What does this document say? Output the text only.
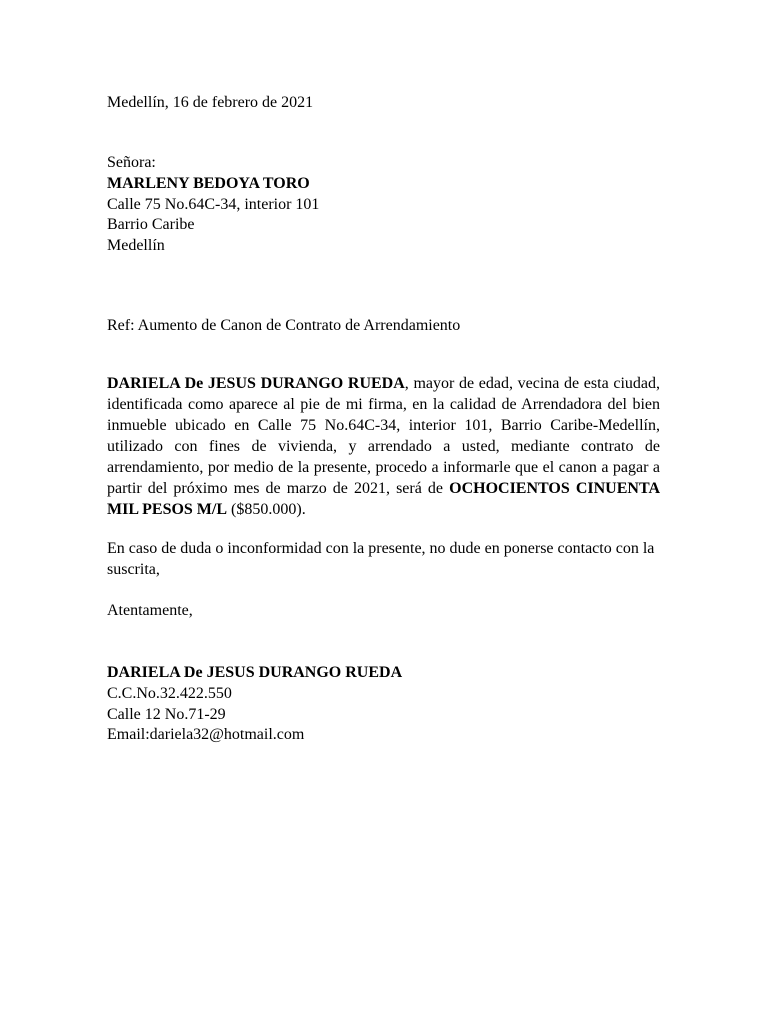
Medellín, 16 de febrero de 2021
Señora:
MARLENY BEDOYA TORO
Calle 75 No.64C-34, interior 101
Barrio Caribe
Medellín
Ref: Aumento de Canon de Contrato de Arrendamiento
DARIELA De JESUS DURANGO RUEDA, mayor de edad, vecina de esta ciudad, identificada como aparece al pie de mi firma, en la calidad de Arrendadora del bien inmueble ubicado en Calle 75 No.64C-34, interior 101, Barrio Caribe-Medellín, utilizado con fines de vivienda, y arrendado a usted, mediante contrato de arrendamiento, por medio de la presente, procedo a informarle que el canon a pagar a partir del próximo mes de marzo de 2021, será de OCHOCIENTOS CINUENTA MIL PESOS M/L ($850.000).
En caso de duda o inconformidad con la presente, no dude en ponerse contacto con la suscrita,
Atentamente,
DARIELA De JESUS DURANGO RUEDA
C.C.No.32.422.550
Calle 12 No.71-29
Email:dariela32@hotmail.com
